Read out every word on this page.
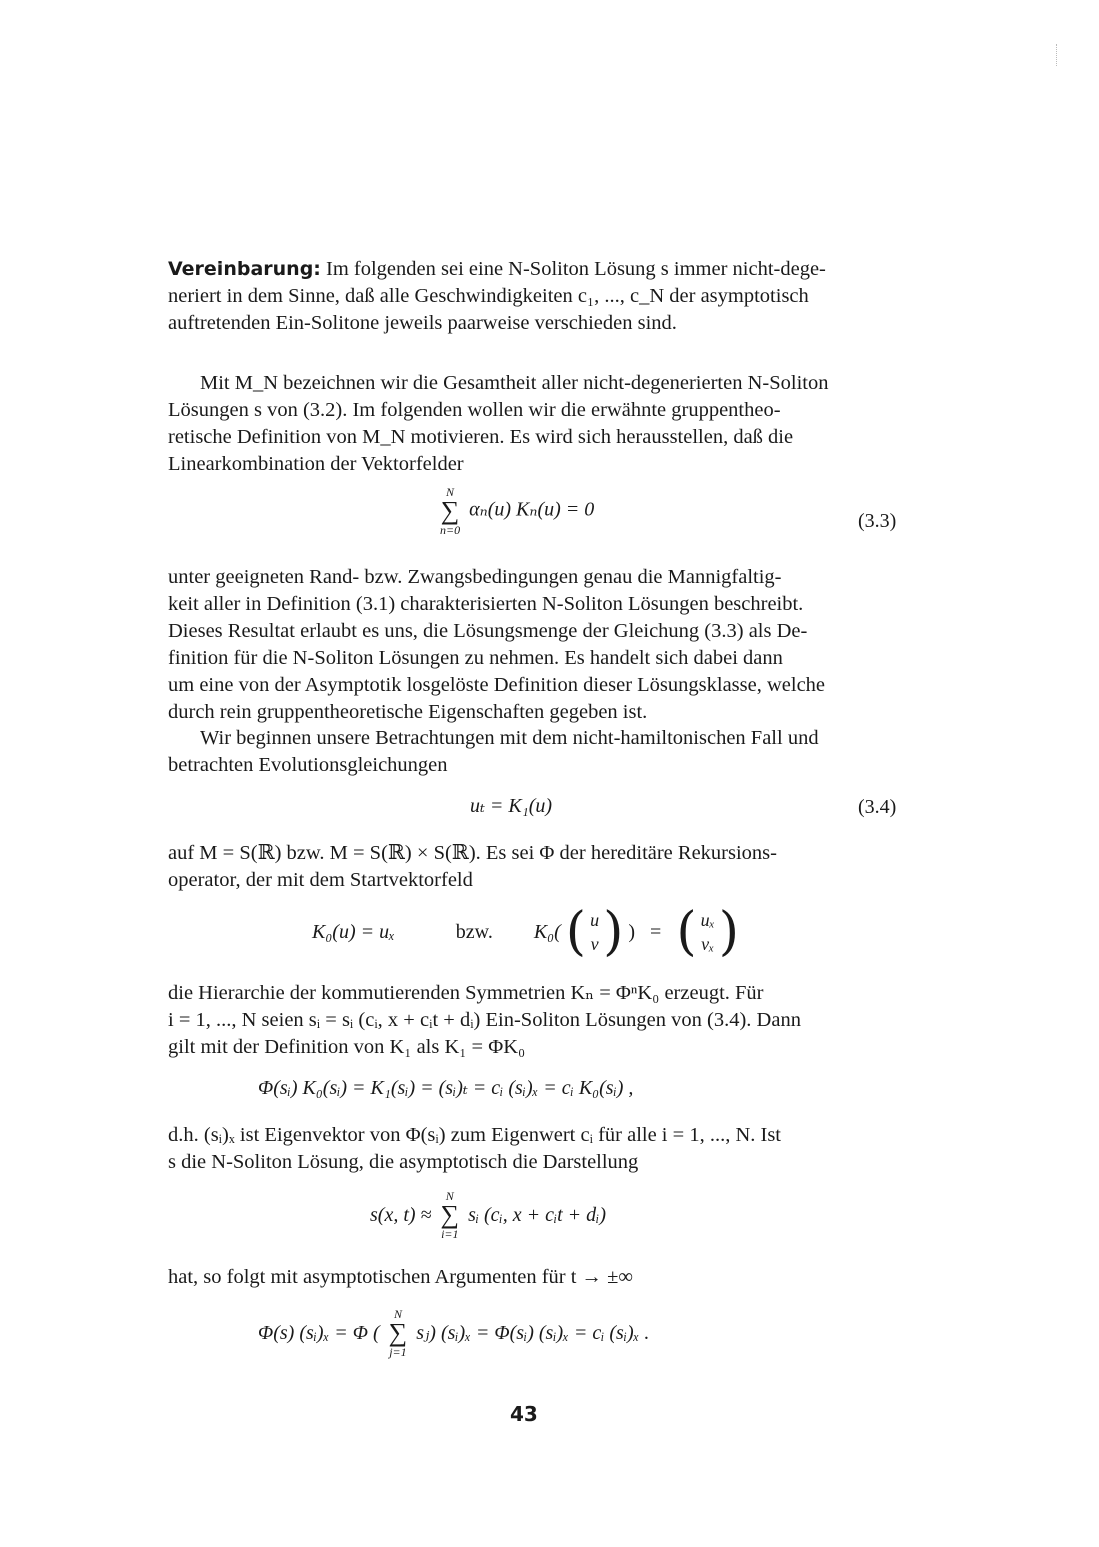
Vereinbarung: Im folgenden sei eine N-Soliton Lösung s immer nicht-dege-
neriert in dem Sinne, daß alle Geschwindigkeiten c₁, ..., c_N der asymptotisch
auftretenden Ein-Solitone jeweils paarweise verschieden sind.
Mit M_N bezeichnen wir die Gesamtheit aller nicht-degenerierten N-Soliton
Lösungen s von (3.2). Im folgenden wollen wir die erwähnte gruppentheo-
retische Definition von M_N motivieren. Es wird sich herausstellen, daß die
Linearkombination der Vektorfelder
N
∑
n=0
αₙ(u) Kₙ(u) = 0
(3.3)
unter geeigneten Rand- bzw. Zwangsbedingungen genau die Mannigfaltig-
keit aller in Definition (3.1) charakterisierten N-Soliton Lösungen beschreibt.
Dieses Resultat erlaubt es uns, die Lösungsmenge der Gleichung (3.3) als De-
finition für die N-Soliton Lösungen zu nehmen. Es handelt sich dabei dann
um eine von der Asymptotik losgelöste Definition dieser Lösungsklasse, welche
durch rein gruppentheoretische Eigenschaften gegeben ist.
Wir beginnen unsere Betrachtungen mit dem nicht-hamiltonischen Fall und
betrachten Evolutionsgleichungen
uₜ = K₁(u)	(3.4)
auf M = S(ℝ) bzw. M = S(ℝ) × S(ℝ). Es sei Φ der hereditäre Rekursions-
operator, der mit dem Startvektorfeld
K₀(u) = uₓ	bzw. K₀( ( u
v ) ) = ( uₓ
vₓ )
die Hierarchie der kommutierenden Symmetrien Kₙ = ΦⁿK₀ erzeugt. Für
i = 1, ..., N seien sᵢ = sᵢ (cᵢ, x + cᵢt + dᵢ) Ein-Soliton Lösungen von (3.4). Dann
gilt mit der Definition von K₁ als K₁ = ΦK₀
Φ(sᵢ) K₀(sᵢ) = K₁(sᵢ) = (sᵢ)ₜ = cᵢ (sᵢ)ₓ = cᵢ K₀(sᵢ) ,
d.h. (sᵢ)ₓ ist Eigenvektor von Φ(sᵢ) zum Eigenwert cᵢ für alle i = 1, ..., N. Ist
s die N-Soliton Lösung, die asymptotisch die Darstellung
s(x, t) ≈
N
∑
i=1
sᵢ (cᵢ, x + cᵢt + dᵢ)
hat, so folgt mit asymptotischen Argumenten für t → ±∞
Φ(s) (sᵢ)ₓ = Φ (
N
∑
j=1
sⱼ) (sᵢ)ₓ = Φ(sᵢ) (sᵢ)ₓ = cᵢ (sᵢ)ₓ .
43
